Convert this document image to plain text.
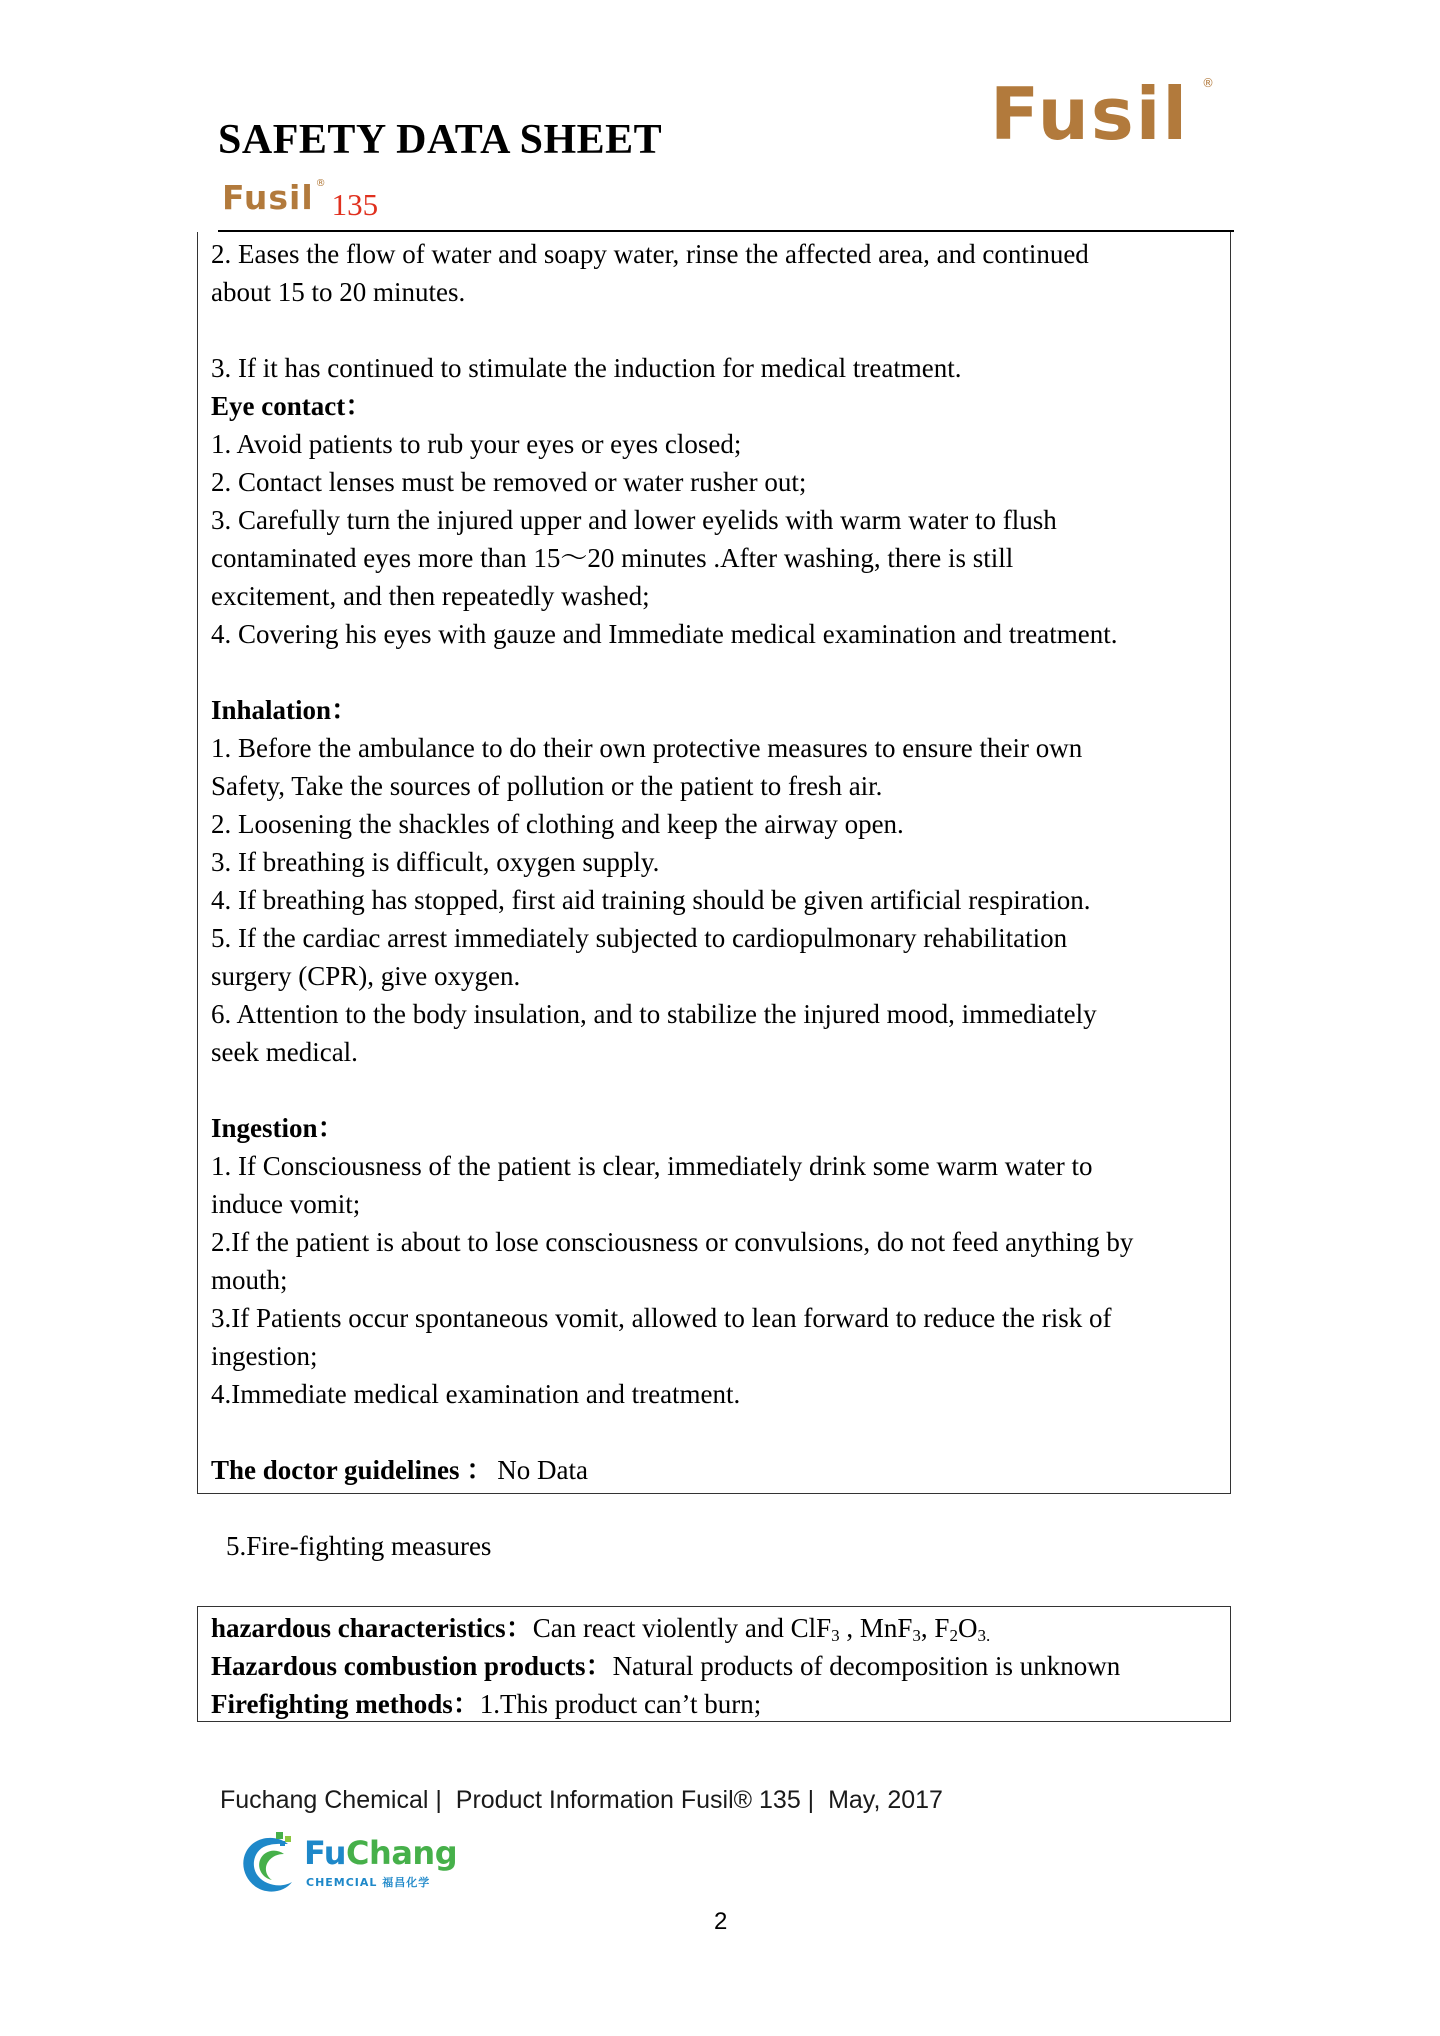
SAFETY DATA SHEET	Fusil ®
Fusil ®135
2. Eases the flow of water and soapy water, rinse the affected area, and continued
about 15 to 20 minutes.
3. If it has continued to stimulate the induction for medical treatment.
Eye contact：
1. Avoid patients to rub your eyes or eyes closed;
2. Contact lenses must be removed or water rusher out;
3. Carefully turn the injured upper and lower eyelids with warm water to flush
contaminated eyes more than 15～20 minutes .After washing, there is still
excitement, and then repeatedly washed;
4. Covering his eyes with gauze and Immediate medical examination and treatment.
Inhalation：
1. Before the ambulance to do their own protective measures to ensure their own
Safety, Take the sources of pollution or the patient to fresh air.
2. Loosening the shackles of clothing and keep the airway open.
3. If breathing is difficult, oxygen supply.
4. If breathing has stopped, first aid training should be given artificial respiration.
5. If the cardiac arrest immediately subjected to cardiopulmonary rehabilitation
surgery (CPR), give oxygen.
6. Attention to the body insulation, and to stabilize the injured mood, immediately
seek medical.
Ingestion：
1. If Consciousness of the patient is clear, immediately drink some warm water to
induce vomit;
2.If the patient is about to lose consciousness or convulsions, do not feed anything by
mouth;
3.If Patients occur spontaneous vomit, allowed to lean forward to reduce the risk of
ingestion;
4.Immediate medical examination and treatment.
The doctor guidelines ： No Data
5.Fire-fighting measures
hazardous characteristics：Can react violently and ClF$_3$ , MnF$_3$, $F_2O_{3.}$
Hazardous combustion products：Natural products of decomposition is unknown
Firefighting methods：1.This product can’t burn;
Fuchang Chemical |  Product Information Fusil® 135 |  May, 2017
FuChang
CHEMCIAL 福昌化学
2
